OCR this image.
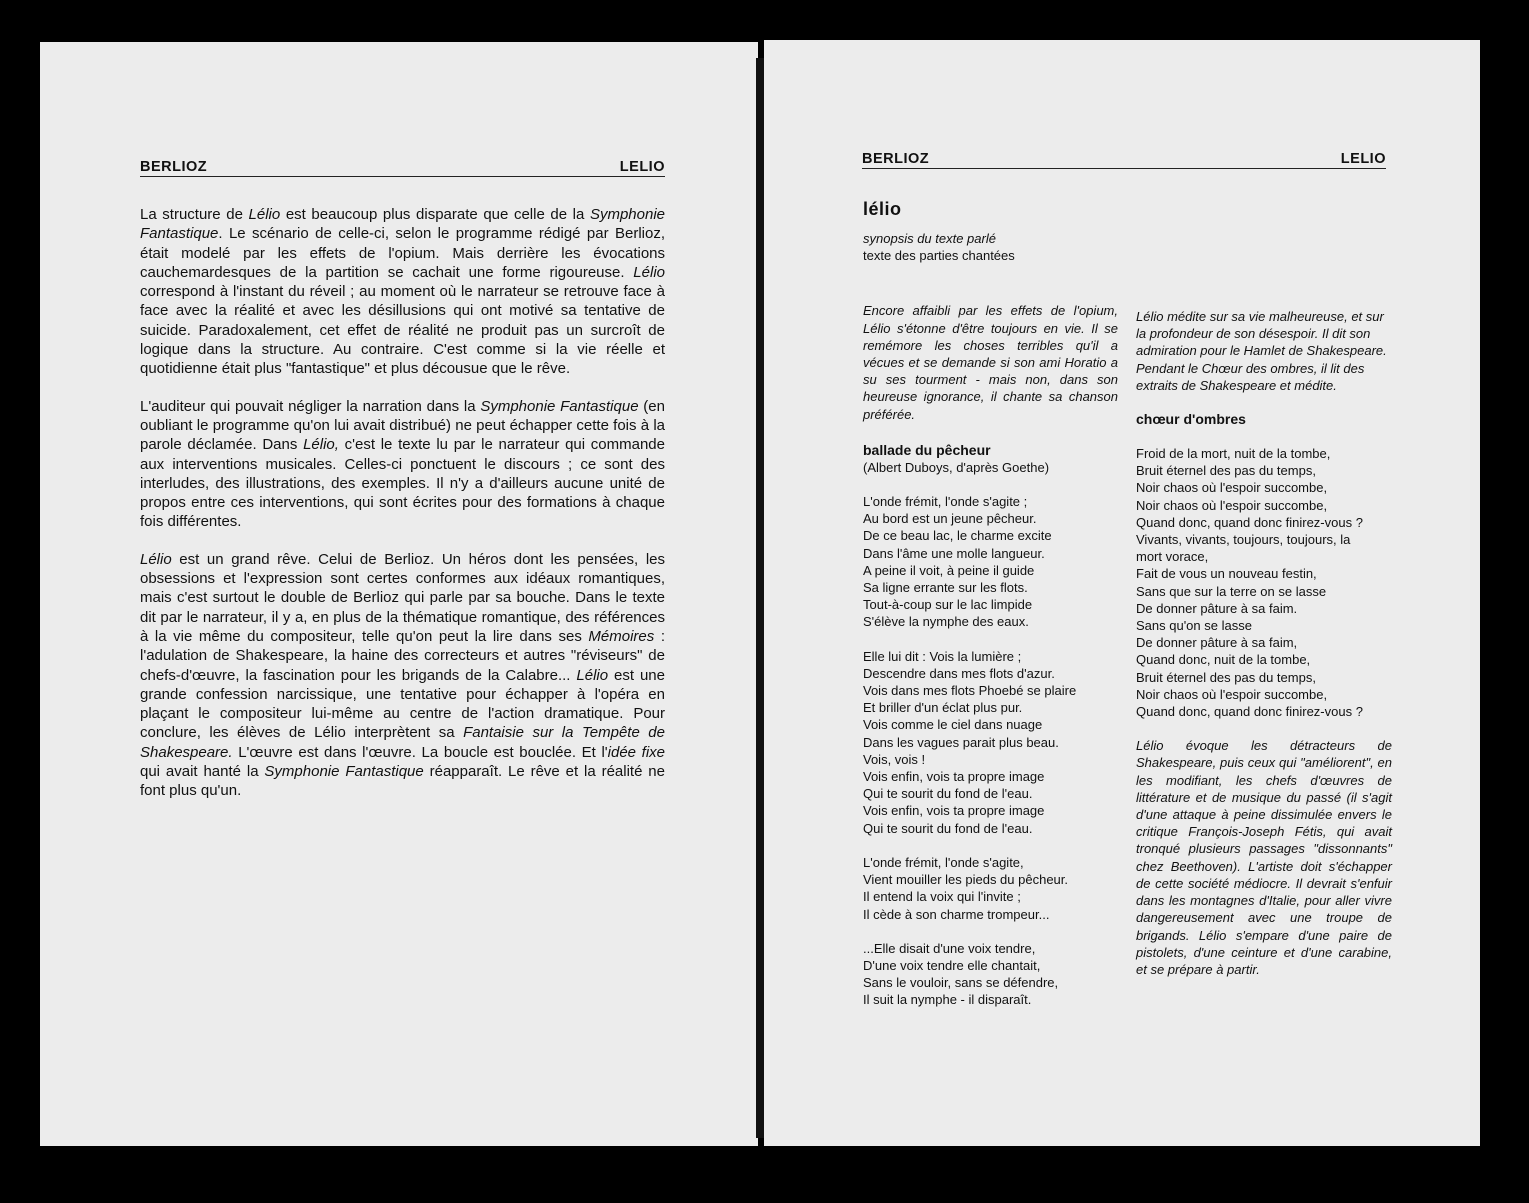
BERLIOZ	LELIO

La structure de Lélio est beaucoup plus disparate que celle de la Symphonie Fantastique. Le scénario de celle-ci, selon le programme rédigé par Berlioz, était modelé par les effets de l'opium. Mais derrière les évocations cauchemardesques de la partition se cachait une forme rigoureuse. Lélio correspond à l'instant du réveil ; au moment où le narrateur se retrouve face à face avec la réalité et avec les désillusions qui ont motivé sa tentative de suicide. Paradoxalement, cet effet de réalité ne produit pas un surcroît de logique dans la structure. Au contraire. C'est comme si la vie réelle et quotidienne était plus "fantastique" et plus décousue que le rêve.

L'auditeur qui pouvait négliger la narration dans la Symphonie Fantastique (en oubliant le programme qu'on lui avait distribué) ne peut échapper cette fois à la parole déclamée. Dans Lélio, c'est le texte lu par le narrateur qui commande aux interventions musicales. Celles-ci ponctuent le discours ; ce sont des interludes, des illustrations, des exemples. Il n'y a d'ailleurs aucune unité de propos entre ces interventions, qui sont écrites pour des formations à chaque fois différentes.

Lélio est un grand rêve. Celui de Berlioz. Un héros dont les pensées, les obsessions et l'expression sont certes conformes aux idéaux romantiques, mais c'est surtout le double de Berlioz qui parle par sa bouche. Dans le texte dit par le narrateur, il y a, en plus de la thématique romantique, des références à la vie même du compositeur, telle qu'on peut la lire dans ses Mémoires : l'adulation de Shakespeare, la haine des correcteurs et autres "réviseurs" de chefs-d'œuvre, la fascination pour les brigands de la Calabre... Lélio est une grande confession narcissique, une tentative pour échapper à l'opéra en plaçant le compositeur lui-même au centre de l'action dramatique. Pour conclure, les élèves de Lélio interprètent sa Fantaisie sur la Tempête de Shakespeare. L'œuvre est dans l'œuvre. La boucle est bouclée. Et l'idée fixe qui avait hanté la Symphonie Fantastique réapparaît. Le rêve et la réalité ne font plus qu'un.

BERLIOZ	LELIO
lélio
synopsis du texte parlé
texte des parties chantées
Encore affaibli par les effets de l'opium, Lélio s'étonne d'être toujours en vie. Il se remémore les choses terribles qu'il a vécues et se demande si son ami Horatio a su ses tourment - mais non, dans son heureuse ignorance, il chante sa chanson préférée.
ballade du pêcheur
(Albert Duboys, d'après Goethe)
L'onde frémit, l'onde s'agite ;
Au bord est un jeune pêcheur.
De ce beau lac, le charme excite
Dans l'âme une molle langueur.
A peine il voit, à peine il guide
Sa ligne errante sur les flots.
Tout-à-coup sur le lac limpide
S'élève la nymphe des eaux.
Elle lui dit : Vois la lumière ;
Descendre dans mes flots d'azur.
Vois dans mes flots Phoebé se plaire
Et briller d'un éclat plus pur.
Vois comme le ciel dans nuage
Dans les vagues parait plus beau.
Vois, vois !
Vois enfin, vois ta propre image
Qui te sourit du fond de l'eau.
Vois enfin, vois ta propre image
Qui te sourit du fond de l'eau.
L'onde frémit, l'onde s'agite,
Vient mouiller les pieds du pêcheur.
Il entend la voix qui l'invite ;
Il cède à son charme trompeur...
...Elle disait d'une voix tendre,
D'une voix tendre elle chantait,
Sans le vouloir, sans se défendre,
Il suit la nymphe - il disparaît.
Lélio médite sur sa vie malheureuse, et sur la profondeur de son désespoir. Il dit son admiration pour le Hamlet de Shakespeare. Pendant le Chœur des ombres, il lit des extraits de Shakespeare et médite.
chœur d'ombres
Froid de la mort, nuit de la tombe,
Bruit éternel des pas du temps,
Noir chaos où l'espoir succombe,
Noir chaos où l'espoir succombe,
Quand donc, quand donc finirez-vous ?
Vivants, vivants, toujours, toujours, la
mort vorace,
Fait de vous un nouveau festin,
Sans que sur la terre on se lasse
De donner pâture à sa faim.
Sans qu'on se lasse
De donner pâture à sa faim,
Quand donc, nuit de la tombe,
Bruit éternel des pas du temps,
Noir chaos où l'espoir succombe,
Quand donc, quand donc finirez-vous ?
Lélio évoque les détracteurs de Shakespeare, puis ceux qui "améliorent", en les modifiant, les chefs d'œuvres de littérature et de musique du passé (il s'agit d'une attaque à peine dissimulée envers le critique François-Joseph Fétis, qui avait tronqué plusieurs passages "dissonnants" chez Beethoven). L'artiste doit s'échapper de cette société médiocre. Il devrait s'enfuir dans les montagnes d'Italie, pour aller vivre dangereusement avec une troupe de brigands. Lélio s'empare d'une paire de pistolets, d'une ceinture et d'une carabine, et se prépare à partir.
